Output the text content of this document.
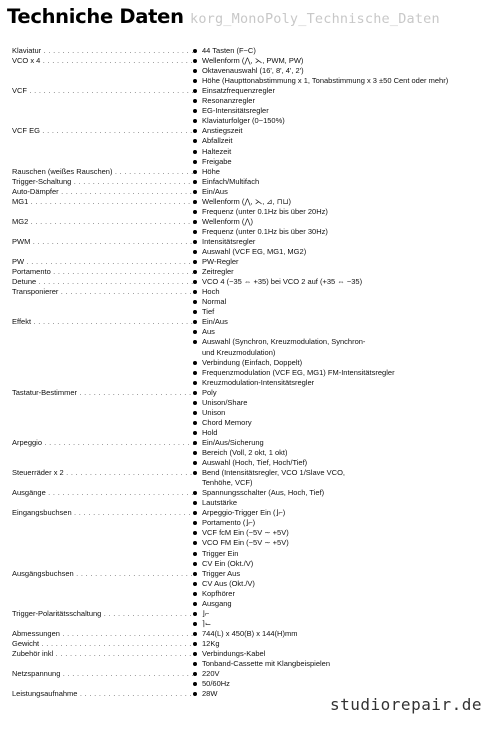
Techniche Daten korg_MonoPoly_Technische_Daten
Klaviatur . . .	44 Tasten (F−C)
VCO x 4 . . .	Wellenform (⋀, ⋋, PWM, PW)
Oktavenauswahl (16', 8', 4', 2')
Höhe (Haupttonabstimmung x 1, Tonabstimmung x 3 ±50 Cent oder mehr)
VCF . . .	Einsatzfrequenzregler
Resonanzregler
EG-Intensitätsregler
Klaviaturfolger (0−150%)
VCF EG . . .	Anstiegszeit
Abfallzeit
Haltezeit
Freigabe
Rauschen (weißes Rauschen) . . .	Höhe
Trigger-Schaltung . . .	Einfach/Multifach
Auto-Dämpfer . . .	Ein/Aus
MG1 . . .	Wellenform (⋀, ⋋, ⊿, ⊓⊔)
Frequenz (unter 0.1Hz bis über 20Hz)
MG2 . . .	Wellenform (⋀)
Frequenz (unter 0.1Hz bis über 30Hz)
PWM . . .	Intensitätsregler
Auswahl (VCF EG, MG1, MG2)
PW . . .	PW-Regler
Portamento . . .	Zeitregler
Detune . . .	VCO 4 (−35 ⇔ +35) bei VCO 2 auf (+35 ⇔ −35)
Transponierer . . .	Hoch
Normal
Tief
Effekt . . .	Ein/Aus
Aus
Auswahl (Synchron, Kreuzmodulation, Synchron-
und Kreuzmodulation)
Verbindung (Einfach, Doppelt)
Frequenzmodulation (VCF EG, MG1) FM-Intensitätsregler
Kreuzmodulation-Intensitätsregler
Tastatur-Bestimmer . . .	Poly
Unison/Share
Unison
Chord Memory
Hold
Arpeggio . . .	Ein/Aus/Sicherung
Bereich (Voll, 2 okt, 1 okt)
Auswahl (Hoch, Tief, Hoch/Tief)
Steuerräder x 2 . . .	Bend (Intensitätsregler, VCO 1/Slave VCO,
Tenhöhe, VCF)
Ausgänge . . .	Spannungsschalter (Aus, Hoch, Tief)
Lautstärke
Eingangsbuchsen . . .	Arpeggio-Trigger Ein (⌋⌐)
Portamento (⌋⌐)
VCF fcM Ein (−5V ∼ +5V)
VCO FM Ein (−5V ∼ +5V)
Trigger Ein
CV Ein (Okt./V)
Ausgängsbuchsen . . .	Trigger Aus
CV Aus (Okt./V)
Kopfhörer
Ausgang
Trigger-Polaritätsschaltung . . .	⌋⌐
⌉⌙
Abmessungen . . .	744(L) x 450(B) x 144(H)mm
Gewicht . . .	12Kg
Zubehör inkl . . .	Verbindungs-Kabel
Tonband-Cassette mit Klangbeispielen
Netzspannung . . .	220V
50/60Hz
Leistungsaufnahme . . .	28W
studiorepair.de
